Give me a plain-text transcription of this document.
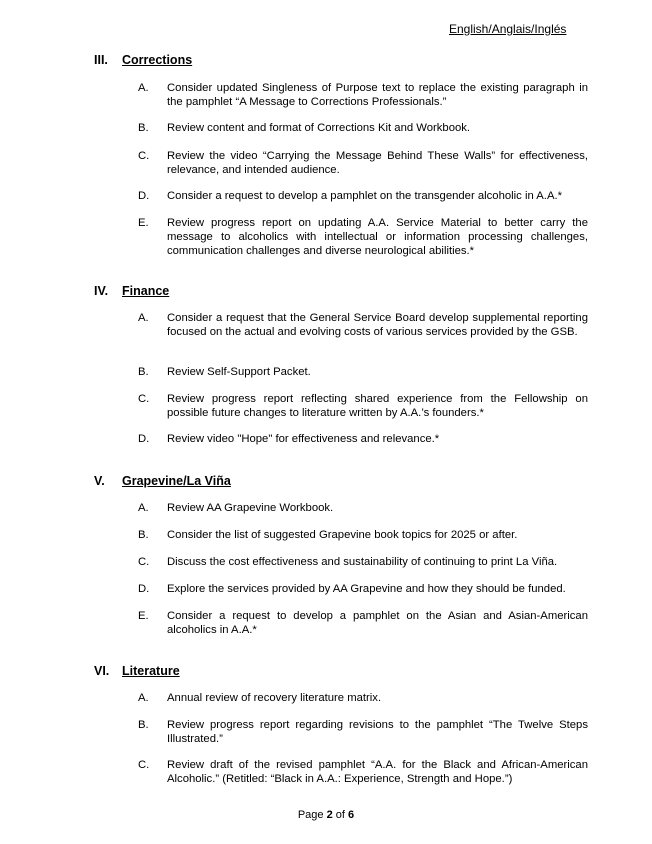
English/Anglais/Inglés
III. Corrections
A. Consider updated Singleness of Purpose text to replace the existing paragraph in the pamphlet “A Message to Corrections Professionals.”
B. Review content and format of Corrections Kit and Workbook.
C. Review the video “Carrying the Message Behind These Walls” for effectiveness, relevance, and intended audience.
D. Consider a request to develop a pamphlet on the transgender alcoholic in A.A.*
E. Review progress report on updating A.A. Service Material to better carry the message to alcoholics with intellectual or information processing challenges, communication challenges and diverse neurological abilities.*
IV. Finance
A. Consider a request that the General Service Board develop supplemental reporting focused on the actual and evolving costs of various services provided by the GSB.
B. Review Self-Support Packet.
C. Review progress report reflecting shared experience from the Fellowship on possible future changes to literature written by A.A.’s founders.*
D. Review video "Hope" for effectiveness and relevance.*
V. Grapevine/La Viña
A. Review AA Grapevine Workbook.
B. Consider the list of suggested Grapevine book topics for 2025 or after.
C. Discuss the cost effectiveness and sustainability of continuing to print La Viña.
D. Explore the services provided by AA Grapevine and how they should be funded.
E. Consider a request to develop a pamphlet on the Asian and Asian-American alcoholics in A.A.*
VI. Literature
A. Annual review of recovery literature matrix.
B. Review progress report regarding revisions to the pamphlet “The Twelve Steps Illustrated.”
C. Review draft of the revised pamphlet “A.A. for the Black and African-American Alcoholic.” (Retitled: “Black in A.A.: Experience, Strength and Hope.”)
Page 2 of 6
